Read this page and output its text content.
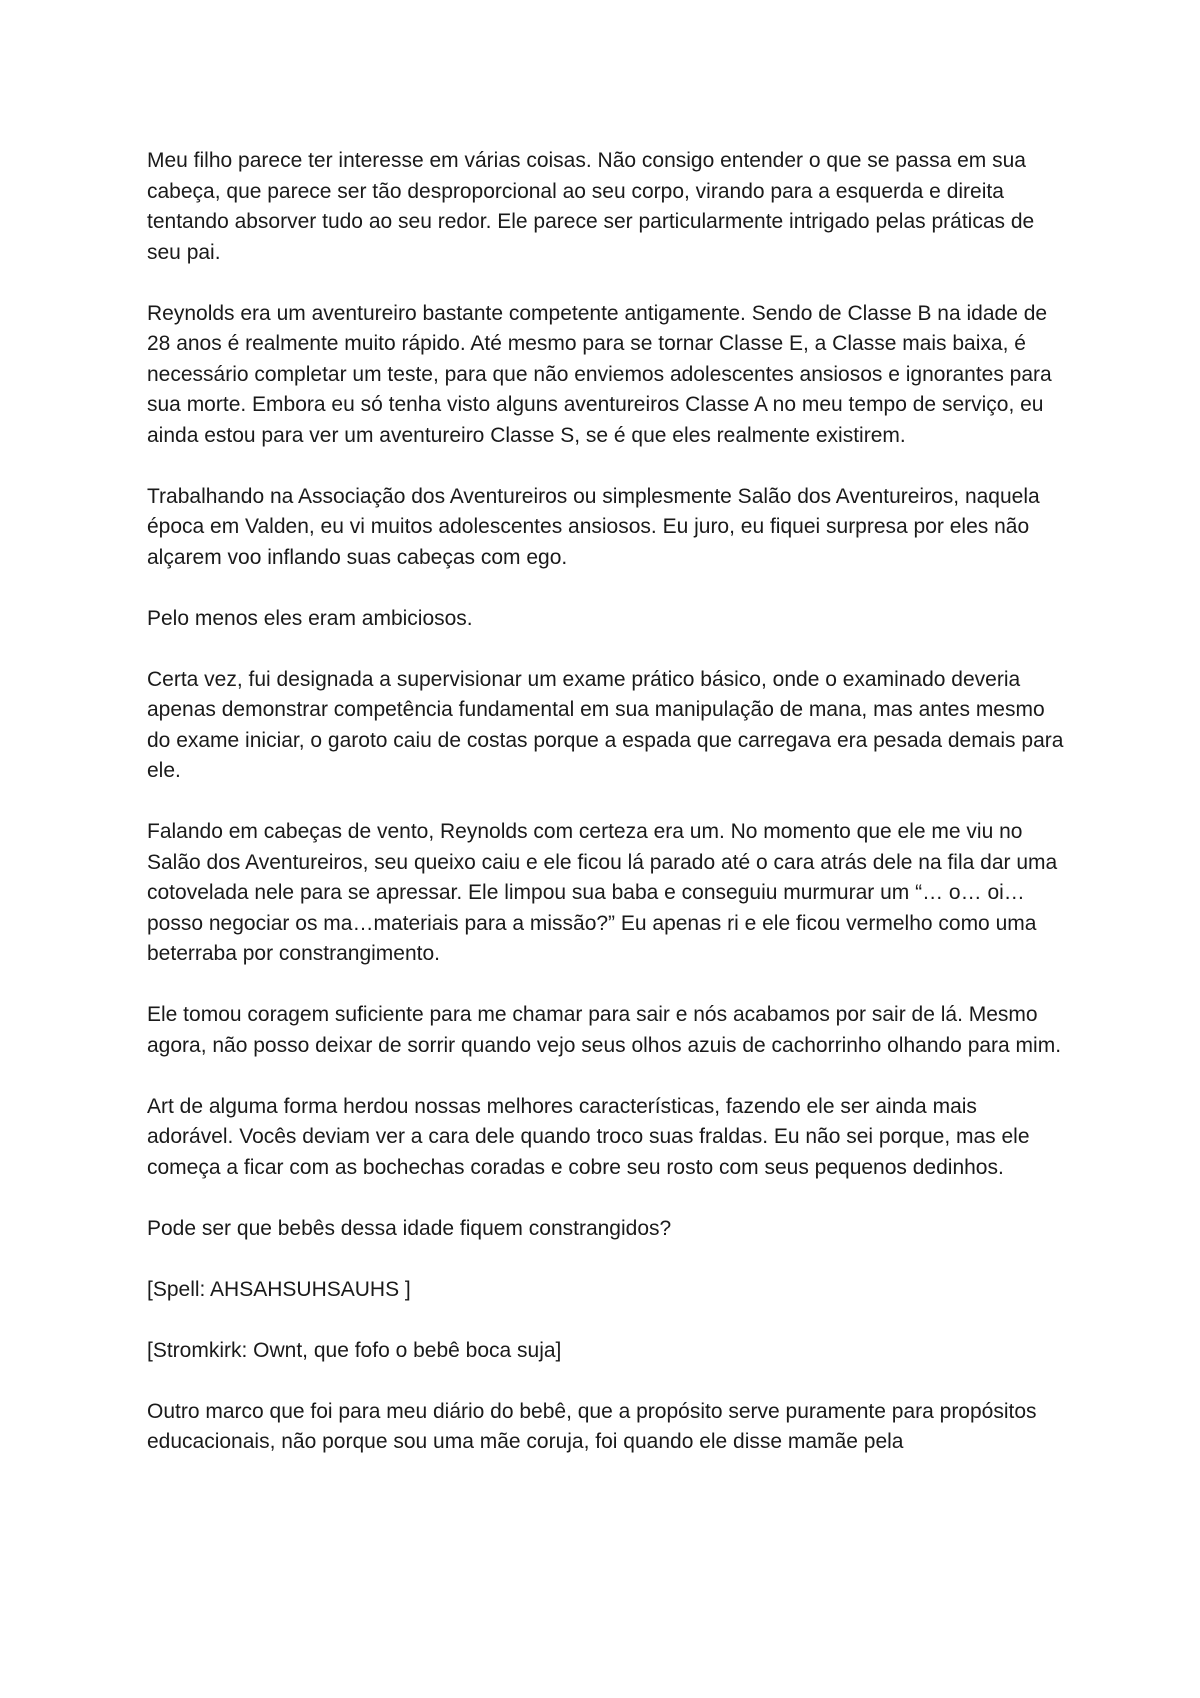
Meu filho parece ter interesse em várias coisas. Não consigo entender o que se passa em sua cabeça, que parece ser tão desproporcional ao seu corpo, virando para a esquerda e direita tentando absorver tudo ao seu redor. Ele parece ser particularmente intrigado pelas práticas de seu pai.

Reynolds era um aventureiro bastante competente antigamente. Sendo de Classe B na idade de 28 anos é realmente muito rápido. Até mesmo para se tornar Classe E, a Classe mais baixa, é necessário completar um teste, para que não enviemos adolescentes ansiosos e ignorantes para sua morte. Embora eu só tenha visto alguns aventureiros Classe A no meu tempo de serviço, eu ainda estou para ver um aventureiro Classe S, se é que eles realmente existirem.

Trabalhando na Associação dos Aventureiros ou simplesmente Salão dos Aventureiros, naquela época em Valden, eu vi muitos adolescentes ansiosos. Eu juro, eu fiquei surpresa por eles não alçarem voo inflando suas cabeças com ego.

Pelo menos eles eram ambiciosos.

Certa vez, fui designada a supervisionar um exame prático básico, onde o examinado deveria apenas demonstrar competência fundamental em sua manipulação de mana, mas antes mesmo do exame iniciar, o garoto caiu de costas porque a espada que carregava era pesada demais para ele.

Falando em cabeças de vento, Reynolds com certeza era um. No momento que ele me viu no Salão dos Aventureiros, seu queixo caiu e ele ficou lá parado até o cara atrás dele na fila dar uma cotovelada nele para se apressar. Ele limpou sua baba e conseguiu murmurar um “… o… oi… posso negociar os ma…materiais para a missão?” Eu apenas ri e ele ficou vermelho como uma beterraba por constrangimento.

Ele tomou coragem suficiente para me chamar para sair e nós acabamos por sair de lá. Mesmo agora, não posso deixar de sorrir quando vejo seus olhos azuis de cachorrinho olhando para mim.

Art de alguma forma herdou nossas melhores características, fazendo ele ser ainda mais adorável. Vocês deviam ver a cara dele quando troco suas fraldas. Eu não sei porque, mas ele começa a ficar com as bochechas coradas e cobre seu rosto com seus pequenos dedinhos.

Pode ser que bebês dessa idade fiquem constrangidos?

[Spell: AHSAHSUHSAUHS ]

[Stromkirk: Ownt, que fofo o bebê boca suja]

Outro marco que foi para meu diário do bebê, que a propósito serve puramente para propósitos educacionais, não porque sou uma mãe coruja, foi quando ele disse mamãe pela
